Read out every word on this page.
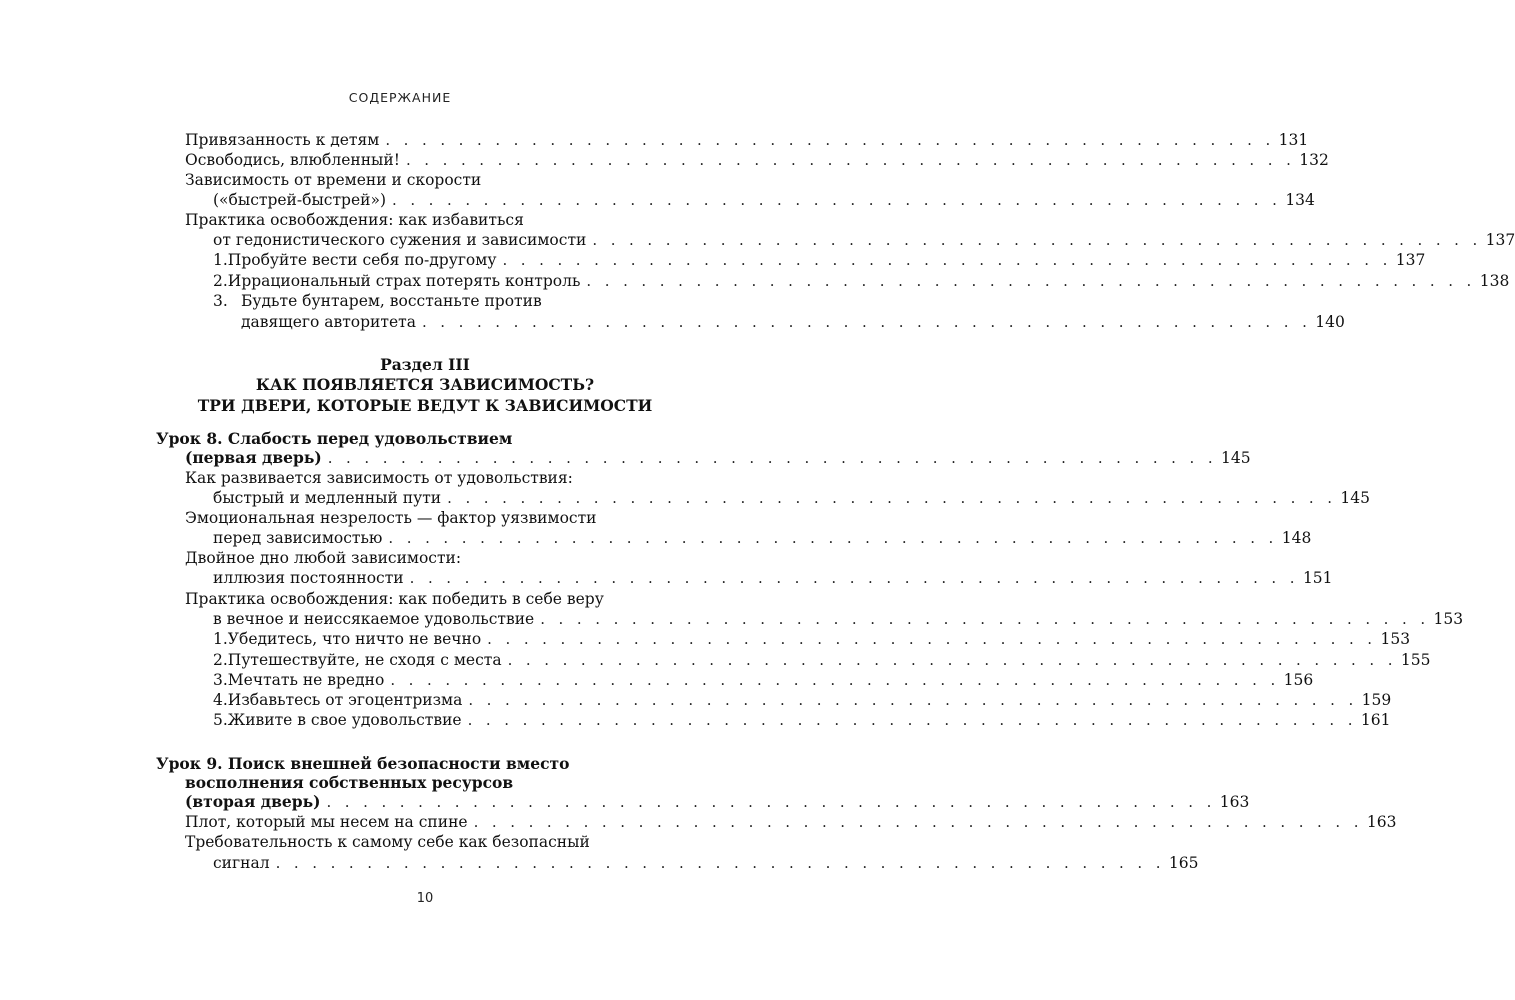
СОДЕРЖАНИЕ
Привязанность к детям . . . . . . . . . . . . . . . . . . . . . . . . . . . . . . . . . . . . . . . . . . . . . . . . . 131
Освободись, влюбленный! . . . . . . . . . . . . . . . . . . . . . . . . . . . . . . . . . . . . . . . . . . . . . . . . . 132
Зависимость от времени и скорости
(«быстрей-быстрей») . . . . . . . . . . . . . . . . . . . . . . . . . . . . . . . . . . . . . . . . . . . . . . . . . 134
Практика освобождения: как избавиться
от гедонистического сужения и зависимости . . . . . . . . . . . . . . . . . . . . . . . . . . . . . . . . . . . . . . . . . . . . . . . . . 137
1. Пробуйте вести себя по-другому . . . . . . . . . . . . . . . . . . . . . . . . . . . . . . . . . . . . . . . . . . . . . . . . . 137
2. Иррациональный страх потерять контроль . . . . . . . . . . . . . . . . . . . . . . . . . . . . . . . . . . . . . . . . . . . . . . . . . 138
3. Будьте бунтарем, восстаньте против
давящего авторитета . . . . . . . . . . . . . . . . . . . . . . . . . . . . . . . . . . . . . . . . . . . . . . . . . 140
Раздел III
КАК ПОЯВЛЯЕТСЯ ЗАВИСИМОСТЬ?
ТРИ ДВЕРИ, КОТОРЫЕ ВЕДУТ К ЗАВИСИМОСТИ
Урок 8. Слабость перед удовольствием
(первая дверь) . . . . . . . . . . . . . . . . . . . . . . . . . . . . . . . . . . . . . . . . . . . . . . . . . 145
Как развивается зависимость от удовольствия:
быстрый и медленный пути . . . . . . . . . . . . . . . . . . . . . . . . . . . . . . . . . . . . . . . . . . . . . . . . . 145
Эмоциональная незрелость — фактор уязвимости
перед зависимостью . . . . . . . . . . . . . . . . . . . . . . . . . . . . . . . . . . . . . . . . . . . . . . . . . 148
Двойное дно любой зависимости:
иллюзия постоянности . . . . . . . . . . . . . . . . . . . . . . . . . . . . . . . . . . . . . . . . . . . . . . . . . 151
Практика освобождения: как победить в себе веру
в вечное и неиссякаемое удовольствие . . . . . . . . . . . . . . . . . . . . . . . . . . . . . . . . . . . . . . . . . . . . . . . . . 153
1. Убедитесь, что ничто не вечно . . . . . . . . . . . . . . . . . . . . . . . . . . . . . . . . . . . . . . . . . . . . . . . . . 153
2. Путешествуйте, не сходя с места . . . . . . . . . . . . . . . . . . . . . . . . . . . . . . . . . . . . . . . . . . . . . . . . . 155
3. Мечтать не вредно . . . . . . . . . . . . . . . . . . . . . . . . . . . . . . . . . . . . . . . . . . . . . . . . . 156
4. Избавьтесь от эгоцентризма . . . . . . . . . . . . . . . . . . . . . . . . . . . . . . . . . . . . . . . . . . . . . . . . . 159
5. Живите в свое удовольствие . . . . . . . . . . . . . . . . . . . . . . . . . . . . . . . . . . . . . . . . . . . . . . . . . 161
Урок 9. Поиск внешней безопасности вместо
восполнения собственных ресурсов
(вторая дверь) . . . . . . . . . . . . . . . . . . . . . . . . . . . . . . . . . . . . . . . . . . . . . . . . . 163
Плот, который мы несем на спине . . . . . . . . . . . . . . . . . . . . . . . . . . . . . . . . . . . . . . . . . . . . . . . . . 163
Требовательность к самому себе как безопасный
сигнал . . . . . . . . . . . . . . . . . . . . . . . . . . . . . . . . . . . . . . . . . . . . . . . . . 165
10
